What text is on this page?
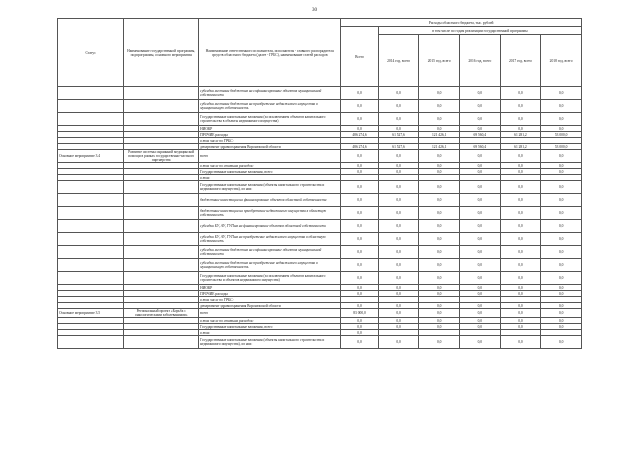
30
Статус	Наименование государственной программы, подпрограммы, основного мероприятия	Наименование ответственного исполнителя, исполнителя - главного распорядителя средств областного бюджета (далее - ГРБС), наименование статей расходов	Расходы областного бюджета, тыс. рублей					
			Всего	в том числе по годам реализации государственной программы				
				2014 год, всего	2015 год, всего	2016 год, всего	2017 год, всего	2018 год, всего
		субсидии местным бюджетам на софинансирование объектов муниципальной собственности	0,0	0,0	0,0	0,0	0,0	0,0
		субсидии местным бюджетам на приобретение недвижимого имущества в муниципальную собственность	0,0	0,0	0,0	0,0	0,0	0,0
		Государственные капитальные вложения (за исключением объектов капитального строительства в объекты недвижимого имущества)	0,0	0,0	0,0	0,0	0,0	0,0
		НИОКР	0,0	0,0	0,0	0,0	0,0	0,0
		ПРОЧИЕ расходы	486 274,6	61 527,6	121 426,1	69 560,4	61 281,2	53 000,0
		в том числе по ГРБС:						
		департамент здравоохранения Воронежской области	486 274,6	61 527,6	121 426,1	69 560,4	61 281,2	53 000,0
Основное мероприятие 3.4	Развитие системы окраинной медицинской помощи в рамках государственно-частного партнерства	всего	0,0	0,0	0,0	0,0	0,0	0,0
		в том числе по статьям расходов:	0,0	0,0	0,0	0,0	0,0	0,0
		Государственные капитальные вложения, всего	0,0	0,0	0,0	0,0	0,0	0,0
		в том:						
		Государственные капитальные вложения (объекты капитального строительства и недвижимого имущества), из них:	0,0	0,0	0,0	0,0	0,0	0,0
		бюджетные инвестиции на финансирование объектов областной собственности	0,0	0,0	0,0	0,0	0,0	0,0
		бюджетные инвестиции на приобретение недвижимого имущества в областную собственность	0,0	0,0	0,0	0,0	0,0	0,0
		субсидии БУ, АУ, ГУПам на финансирование объектов областной собственности	0,0	0,0	0,0	0,0	0,0	0,0
		субсидии БУ, АУ, ГУПам на приобретение недвижимого имущества в областную собственность	0,0	0,0	0,0	0,0	0,0	0,0
		субсидии местным бюджетам на софинансирование объектов муниципальной собственности	0,0	0,0	0,0	0,0	0,0	0,0
		субсидии местным бюджетам на приобретение недвижимого имущества в муниципальную собственность	0,0	0,0	0,0	0,0	0,0	0,0
		Государственные капитальные вложения (за исключением объектов капитального строительства и объектов недвижимого имущества)	0,0	0,0	0,0	0,0	0,0	0,0
		НИОКР	0,0	0,0	0,0	0,0	0,0	0,0
		ПРОЧИЕ расходы	0,0	0,0	0,0	0,0	0,0	0,0
		в том числе по ГРБС:						
		департамент здравоохранения Воронежской области	0,0	0,0	0,0	0,0	0,0	0,0
Основное мероприятие 3.5	Региональный проект «Борьба с онкологическими заболеваниями»	всего	83 000,0	0,0	0,0	0,0	0,0	0,0
		в том числе по статьям расходов:	0,0	0,0	0,0	0,0	0,0	0,0
		Государственные капитальные вложения, всего	0,0	0,0	0,0	0,0	0,0	0,0
		в том:	0,0					
		Государственные капитальные вложения (объекты капитального строительства и недвижимого имущества), из них:	0,0	0,0	0,0	0,0	0,0	0,0
